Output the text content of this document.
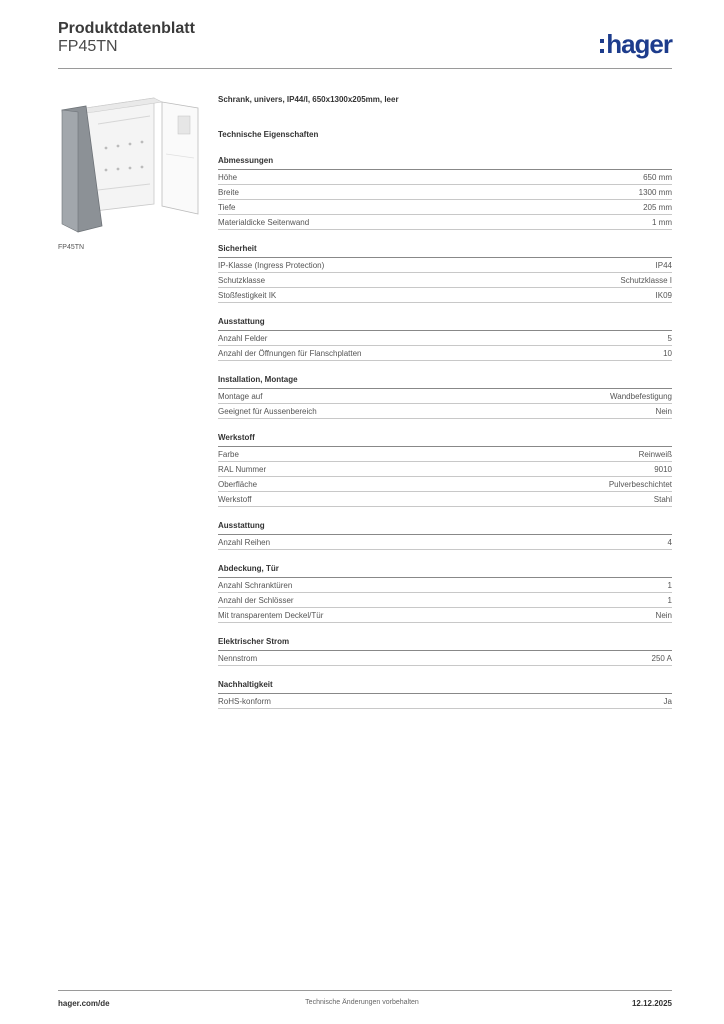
Produktdatenblatt
FP45TN	hager
FP45TN
Schrank, univers, IP44/I, 650x1300x205mm, leer
Technische Eigenschaften
Abmessungen
Höhe	650 mm
Breite	1300 mm
Tiefe	205 mm
Materialdicke Seitenwand	1 mm
Sicherheit
IP-Klasse (Ingress Protection)	IP44
Schutzklasse	Schutzklasse I
Stoßfestigkeit IK	IK09
Ausstattung
Anzahl Felder	5
Anzahl der Öffnungen für Flanschplatten	10
Installation, Montage
Montage auf	Wandbefestigung
Geeignet für Aussenbereich	Nein
Werkstoff
Farbe	Reinweiß
RAL Nummer	9010
Oberfläche	Pulverbeschichtet
Werkstoff	Stahl
Ausstattung
Anzahl Reihen	4
Abdeckung, Tür
Anzahl Schranktüren	1
Anzahl der Schlösser	1
Mit transparentem Deckel/Tür	Nein
Elektrischer Strom
Nennstrom	250 A
Nachhaltigkeit
RoHS-konform	Ja
hager.com/de	Technische Änderungen vorbehalten	12.12.2025
